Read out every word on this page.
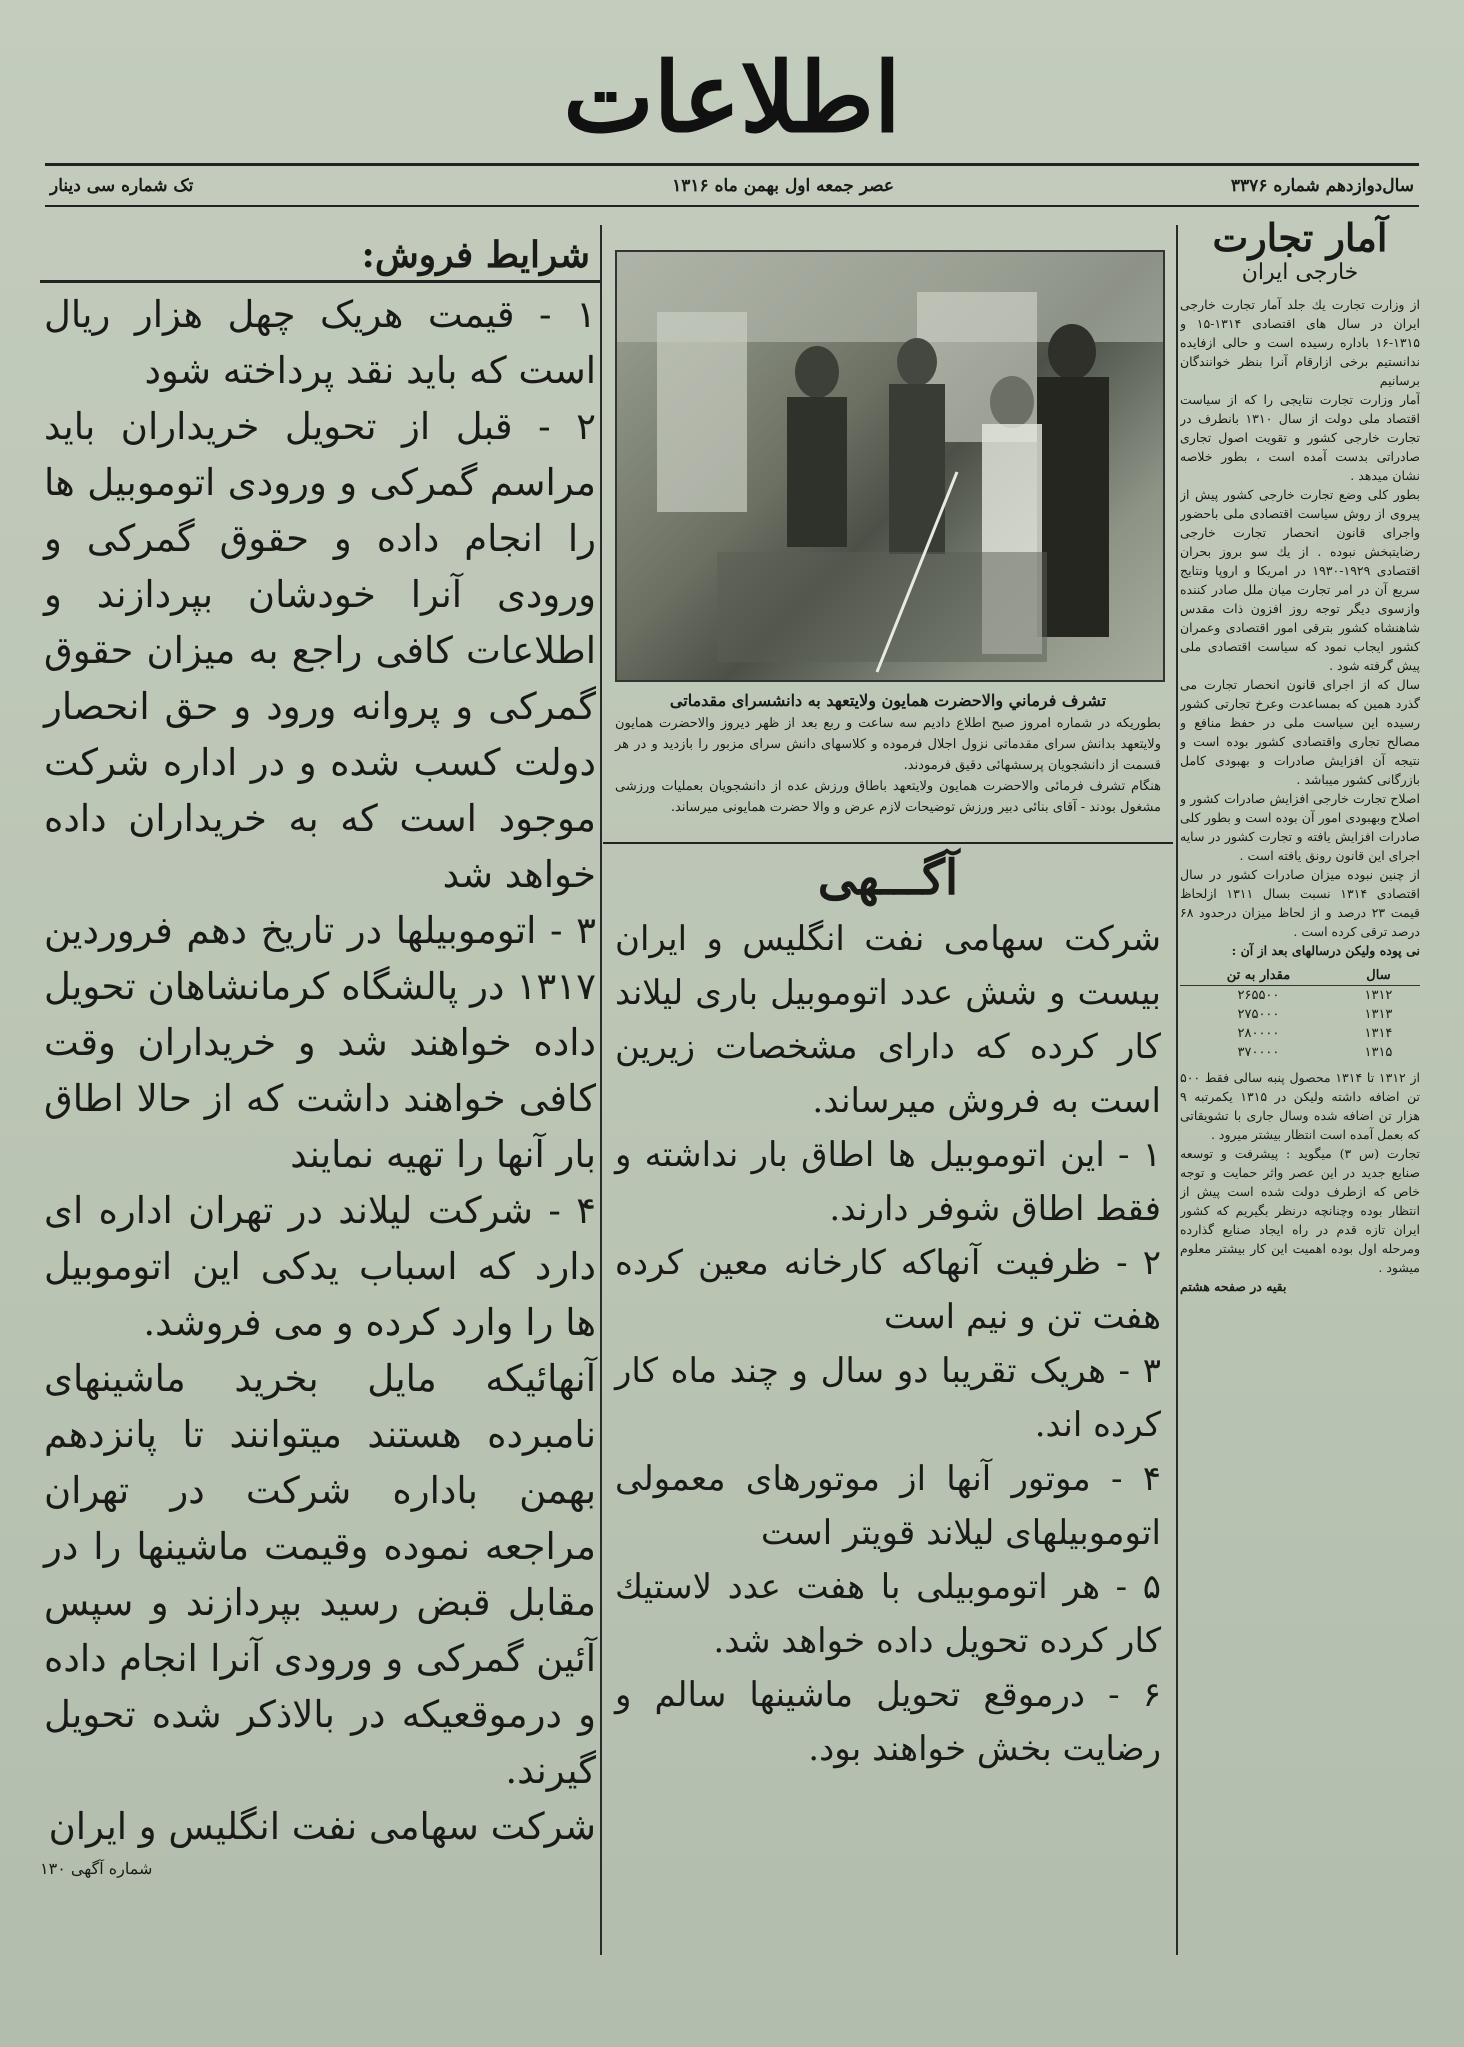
اطلاعات
سال‌دوازدهم شماره ۳۳۷۶
عصر جمعه اول بهمن ماه ۱۳۱۶
تک شماره سی دینار
آمار تجارت
خارجی ایران

از وزارت تجارت یك جلد آمار تجارت خارجی ایران در سال های اقتصادی ۱۳۱۴-۱۵ و ۱۳۱۵-۱۶ باداره رسیده است و حالی ازفایده ندانستیم برخی ازارقام آنرا بنظر خوانندگان برسانیم

آمار وزارت تجارت نتایجی را که از سیاست اقتصاد ملی دولت از سال ۱۳۱۰ بانطرف در تجارت خارجی کشور و تقویت اصول تجاری صادراتی بدست آمده است ، بطور خلاصه نشان میدهد .

بطور کلی وضع تجارت خارجی کشور پیش از پیروی از روش سیاست اقتصادی ملی باحضور واجرای قانون انحصار تجارت خارجی رضایتبخش نبوده . از یك سو بروز بحران اقتصادی ۱۹۲۹-۱۹۳۰ در امریکا و اروپا ونتایج سریع آن در امر تجارت میان ملل صادر کننده وازسوی دیگر توجه روز افزون ذات مقدس شاهنشاه کشور بترقی امور اقتصادی وعمران کشور ایجاب نمود که سیاست اقتصادی ملی پیش گرفته شود .

سال که از اجرای قانون انحصار تجارت می گذرد همین که بمساعدت وعرخ تجارتی کشور رسیده این سیاست ملی در حفظ منافع و مصالح تجاری واقتصادی کشور بوده است و نتیجه آن افزایش صادرات و بهبودی کامل بازرگانی کشور میباشد .

اصلاح تجارت خارجی افزایش صادرات کشور و اصلاح وبهبودی امور آن بوده است و بطور کلی صادرات افزایش یافته و تجارت کشور در سایه اجرای این قانون رونق یافته است .

از چنین نبوده میزان صادرات کشور در سال اقتصادی ۱۳۱۴ نسبت بسال ۱۳۱۱ ازلحاظ قیمت ۲۳ درصد و از لحاظ میزان درحدود ۶۸ درصد ترقی کرده است .

نی پوده ولیکن درسالهای بعد از آن :

سال	مقدار به تن
۱۳۱۲	۲۶۵۵۰۰
۱۳۱۳	۲۷۵۰۰۰
۱۳۱۴	۲۸۰۰۰۰
۱۳۱۵	۳۷۰۰۰۰

از ۱۳۱۲ تا ۱۳۱۴ محصول پنبه سالی فقط ۵۰۰ تن اضافه داشته ولیکن در ۱۳۱۵ یکمرتبه ۹ هزار تن اضافه شده وسال جاری با تشویقاتی که بعمل آمده است انتظار بیشتر میرود .

تجارت (س ۳) میگوید : پیشرفت و توسعه صنایع جدید در این عصر واثر حمایت و توجه خاص که ازطرف دولت شده است پیش از انتظار بوده وچنانچه درنظر بگیریم که کشور ایران تازه قدم در راه ایجاد صنایع گذارده ومرحله اول بوده اهمیت این کار بیشتر معلوم میشود .

بقیه در صفحه هشتم

تشرف فرماني والاحضرت همايون ولايتعهد به دانشسراى مقدماتى
بطوريكه در شماره امروز صبح اطلاع داديم سه ساعت و ربع بعد از ظهر ديروز والاحضرت همايون ولايتعهد بدانش سراى مقدماتى نزول اجلال فرموده و كلاسهاى دانش سراى مزبور را بازديد و در هر قسمت از دانشجويان پرسشهائى دقيق فرمودند.
هنگام تشرف فرمائى والاحضرت همايون ولايتعهد باطاق ورزش عده از دانشجويان بعمليات ورزشى مشغول بودند - آقاى بنائى دبير ورزش توضيحات لازم عرض و والا حضرت همايونى ميرساند.
آگـــهی

شرکت سهامی نفت انگلیس و ایران بیست و شش عدد اتوموبیل باری لیلاند کار کرده که دارای مشخصات زیرین است به فروش میرساند.

۱ - این اتوموبیل ها اطاق بار نداشته و فقط اطاق شوفر دارند.

۲ - ظرفیت آنهاکه کارخانه معین کرده هفت تن و نیم است

۳ - هریک تقریبا دو سال و چند ماه کار کرده اند.

۴ - موتور آنها از موتورهای معمولی اتوموبیلهای لیلاند قویتر است

۵ - هر اتوموبیلی با هفت عدد لاستیك کار کرده تحویل داده خواهد شد.

۶ - درموقع تحویل ماشینها سالم و رضایت بخش خواهند بود.

شرایط فروش:

۱ - قیمت هریک چهل هزار ریال است که باید نقد پرداخته شود

۲ - قبل از تحویل خریداران باید مراسم گمرکی و ورودی اتوموبیل ها را انجام داده و حقوق گمرکی و ورودی آنرا خودشان بپردازند و اطلاعات کافی راجع به میزان حقوق گمرکی و پروانه ورود و حق انحصار دولت کسب شده و در اداره شرکت موجود است که به خریداران داده خواهد شد

۳ - اتوموبیلها در تاریخ دهم فروردین ۱۳۱۷ در پالشگاه کرمانشاهان تحویل داده خواهند شد و خریداران وقت کافی خواهند داشت که از حالا اطاق بار آنها را تهیه نمایند

۴ - شرکت لیلاند در تهران اداره ای دارد که اسباب یدکی این اتوموبیل ها را وارد کرده و می فروشد.

آنهائیکه مایل بخرید ماشینهای نامبرده هستند میتوانند تا پانزدهم بهمن باداره شرکت در تهران مراجعه نموده وقیمت ماشینها را در مقابل قبض رسید بپردازند و سپس آئین گمرکی و ورودی آنرا انجام داده و درموقعیکه در بالاذکر شده تحویل گیرند.

شرکت سهامی نفت انگلیس و ایران

شماره آگهی ۱۳۰
